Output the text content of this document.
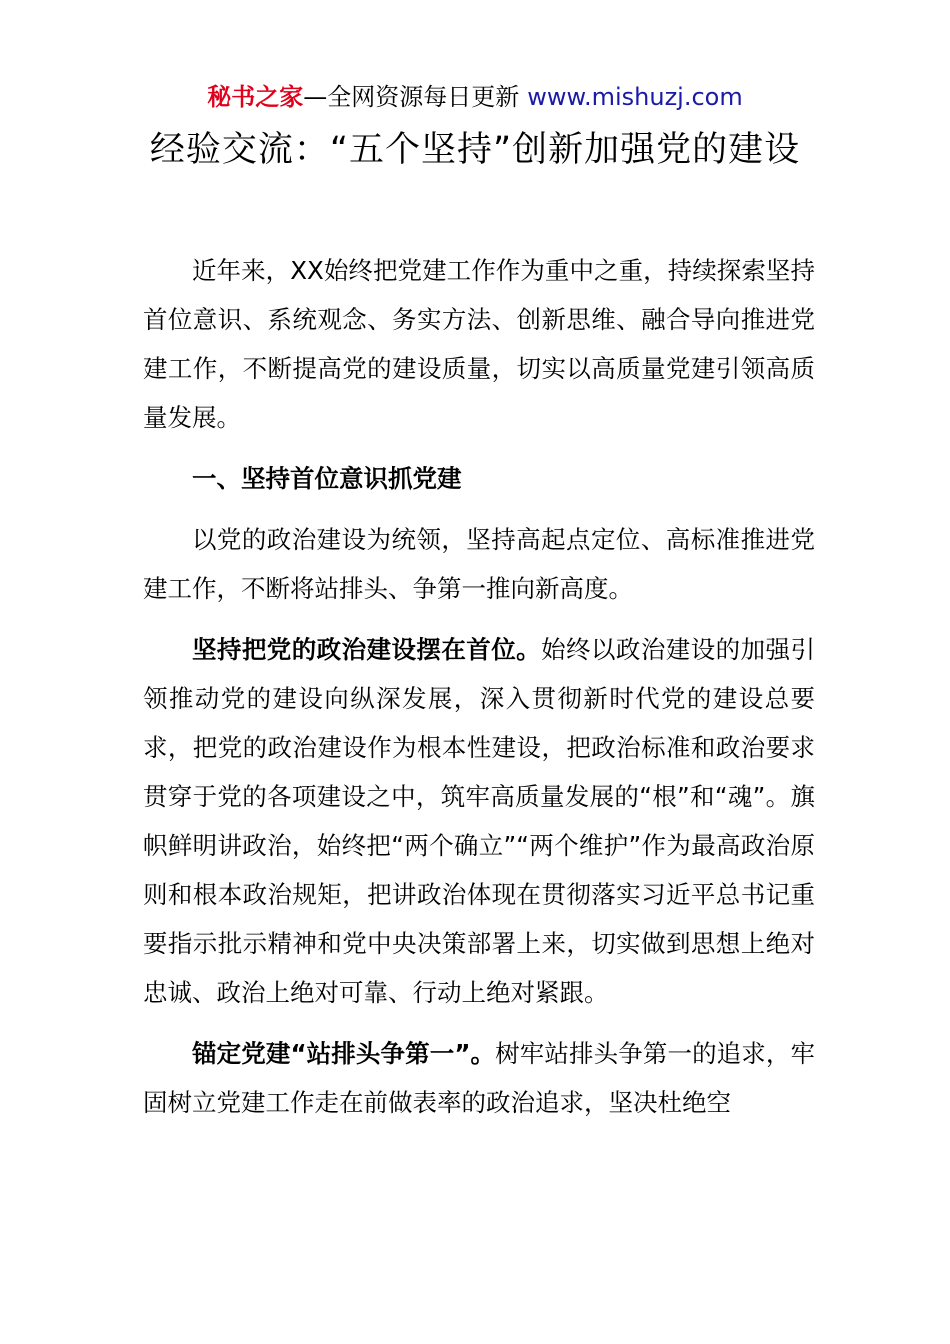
秘书之家—全网资源每日更新 www.mishuzj.com
经验交流：“五个坚持”创新加强党的建设

近年来，XX始终把党建工作作为重中之重，持续探索坚持首位意识、系统观念、务实方法、创新思维、融合导向推进党建工作，不断提高党的建设质量，切实以高质量党建引领高质量发展。

一、坚持首位意识抓党建

以党的政治建设为统领，坚持高起点定位、高标准推进党建工作，不断将站排头、争第一推向新高度。

坚持把党的政治建设摆在首位。始终以政治建设的加强引领推动党的建设向纵深发展，深入贯彻新时代党的建设总要求，把党的政治建设作为根本性建设，把政治标准和政治要求贯穿于党的各项建设之中，筑牢高质量发展的“根”和“魂”。旗帜鲜明讲政治，始终把“两个确立”“两个维护”作为最高政治原则和根本政治规矩，把讲政治体现在贯彻落实习近平总书记重要指示批示精神和党中央决策部署上来，切实做到思想上绝对忠诚、政治上绝对可靠、行动上绝对紧跟。

锚定党建“站排头争第一”。树牢站排头争第一的追求，牢固树立党建工作走在前做表率的政治追求，坚决杜绝空
